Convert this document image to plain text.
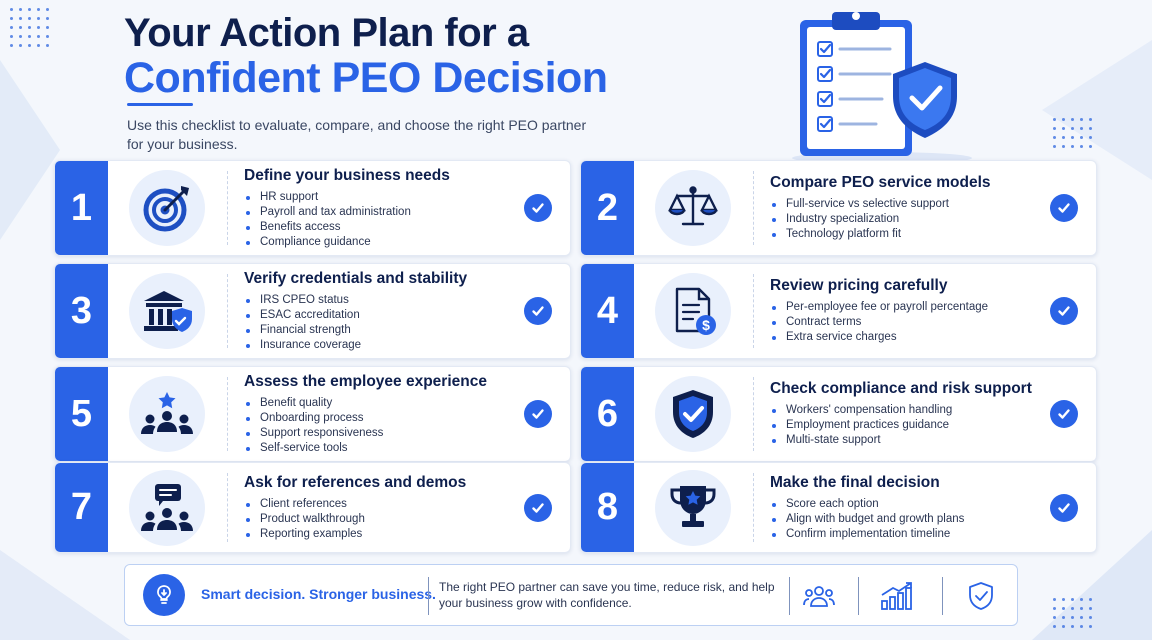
Your Action Plan for a
Confident PEO Decision

Use this checklist to evaluate, compare, and choose the right PEO partner for your business.

1
Define your business needs
HR support
Payroll and tax administration
Benefits access
Compliance guidance
2
Compare PEO service models
Full-service vs selective support
Industry specialization
Technology platform fit
3
Verify credentials and stability
IRS CPEO status
ESAC accreditation
Financial strength
Insurance coverage
4	$
Review pricing carefully
Per-employee fee or payroll percentage
Contract terms
Extra service charges
5
Assess the employee experience
Benefit quality
Onboarding process
Support responsiveness
Self-service tools
6
Check compliance and risk support
Workers' compensation handling
Employment practices guidance
Multi-state support
7
Ask for references and demos
Client references
Product walkthrough
Reporting examples
8
Make the final decision
Score each option
Align with budget and growth plans
Confirm implementation timeline
Smart decision. Stronger business. The right PEO partner can save you time, reduce risk, and help your business grow with confidence.
